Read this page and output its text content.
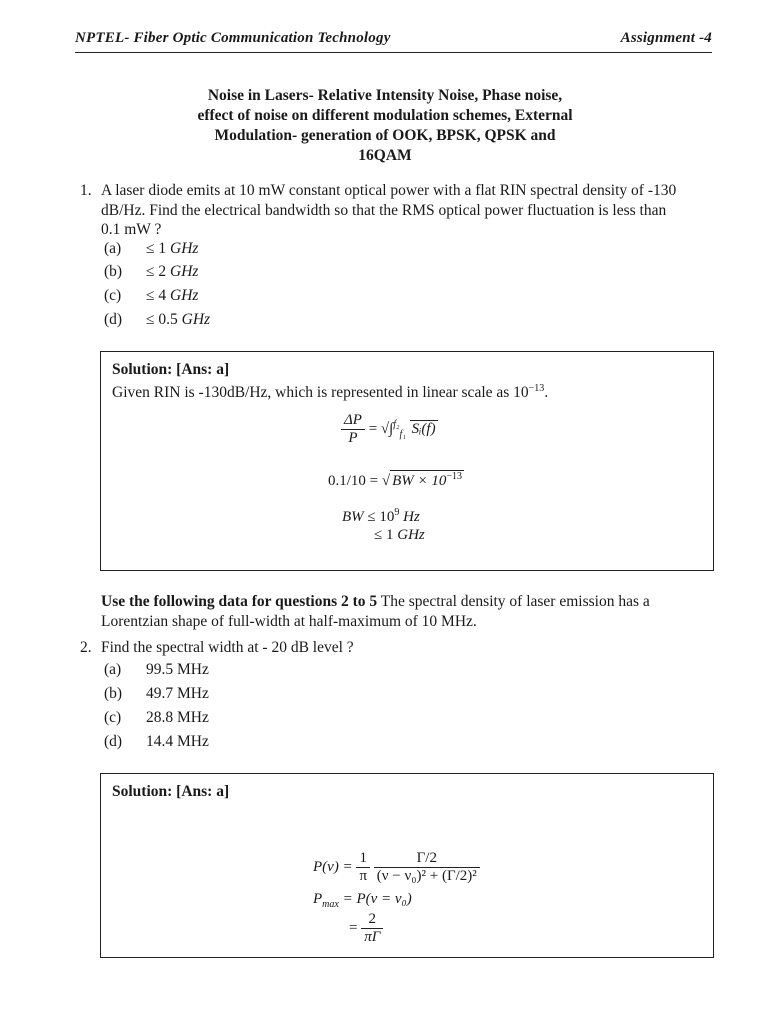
NPTEL- Fiber Optic Communication Technology	Assignment -4
Noise in Lasers- Relative Intensity Noise, Phase noise,
effect of noise on different modulation schemes, External
Modulation- generation of OOK, BPSK, QPSK and
16QAM
1. A laser diode emits at 10 mW constant optical power with a flat RIN spectral density of -130
dB/Hz. Find the electrical bandwidth so that the RMS optical power fluctuation is less than
0.1 mW ?
(a) ≤ 1 GHz
(b) ≤ 2 GHz
(c) ≤ 4 GHz
(d) ≤ 0.5 GHz
Solution: [Ans: a]
Given RIN is -130dB/Hz, which is represented in linear scale as $10^{-13}$.
$\frac{\Delta P}{P} = √\int^{f_2}_{f_1}$ Sᵢ(f)
0.1/10 = √ BW × $10^{-13}$
BW ≤ $10^9$ Hz
≤ 1 GHz
Use the following data for questions 2 to 5 The spectral density of laser emission has a
Lorentzian shape of full-width at half-maximum of 10 MHz.
2. Find the spectral width at - 20 dB level ?
(a) 99.5 MHz
(b) 49.7 MHz
(c) 28.8 MHz
(d) 14.4 MHz
Solution: [Ans: a]
$P(\nu) = \frac{1}{\pi}$
$\frac{\Gamma/2}{\text{(ν − ν₀)² + (Γ/2)²}}$
$P_{max} = P(\nu = \nu_0)$
= $\frac{2}{\pi\Gamma}$
